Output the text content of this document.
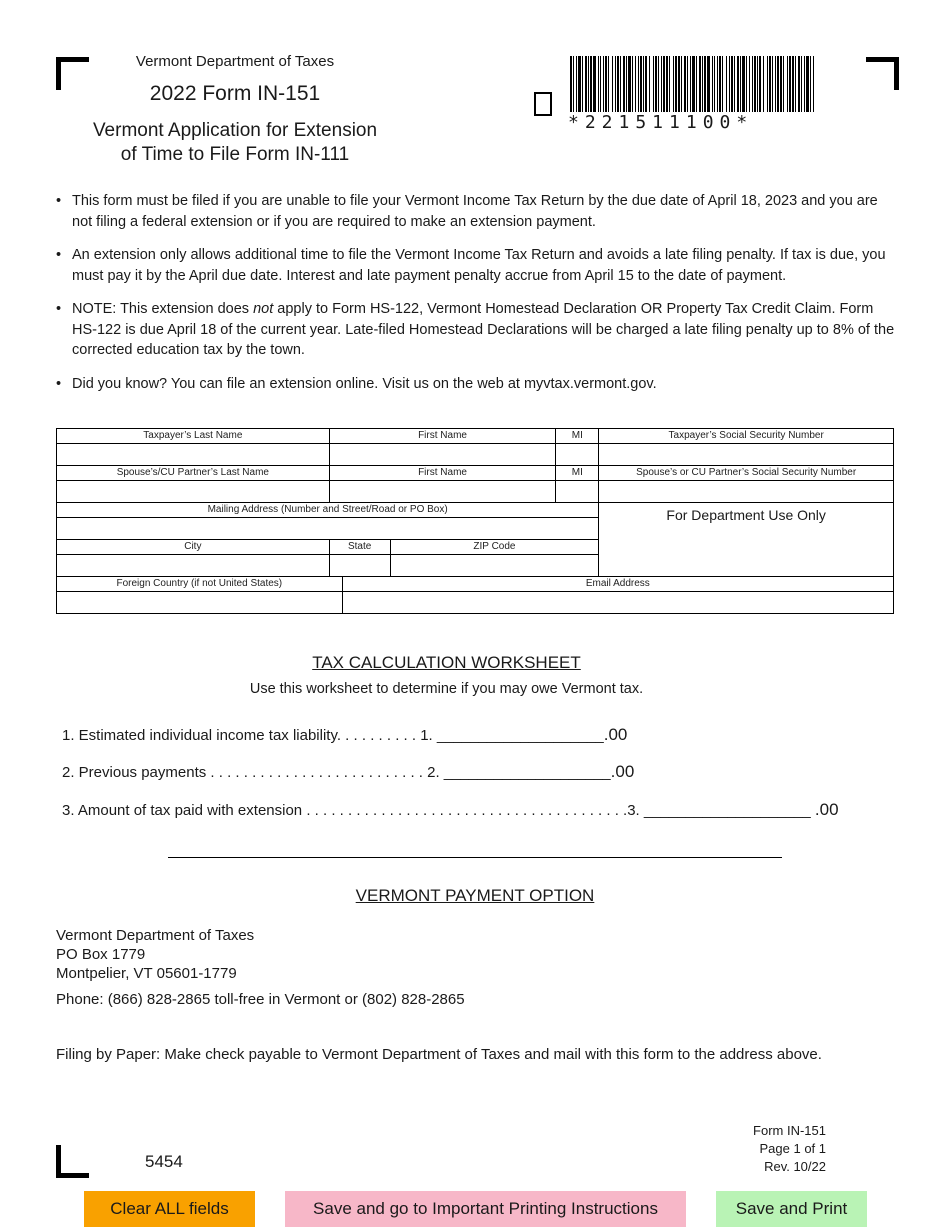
Vermont Department of Taxes
2022 Form IN-151
Vermont Application for Extension
of Time to File Form IN-111
*221511100*
• This form must be filed if you are unable to file your Vermont Income Tax Return by the due date of April 18, 2023 and you are not filing a federal extension or if you are required to make an extension payment.
• An extension only allows additional time to file the Vermont Income Tax Return and avoids a late filing penalty. If tax is due, you must pay it by the April due date. Interest and late payment penalty accrue from April 15 to the date of payment.
• NOTE: This extension does not apply to Form HS-122, Vermont Homestead Declaration OR Property Tax Credit Claim. Form HS-122 is due April 18 of the current year. Late-filed Homestead Declarations will be charged a late filing penalty up to 8% of the corrected education tax by the town.
• Did you know? You can file an extension online. Visit us on the web at myvtax.vermont.gov.
Taxpayer’s Last Name	First Name			MI	Taxpayer’s Social Security Number

Spouse’s/CU Partner’s Last Name	First Name			MI	Spouse’s or CU Partner’s Social Security Number

Mailing Address (Number and Street/Road or PO Box)					For Department Use Only

City	State		ZIP Code		

Foreign Country (if not United States)		Email Address			

TAX CALCULATION WORKSHEET
Use this worksheet to determine if you may owe Vermont tax.
1. Estimated individual income tax liability. . . . . . . . . . 1. ____________________.00
2. Previous payments . . . . . . . . . . . . . . . . . . . . . . . . . . 2. ____________________.00
3. Amount of tax paid with extension . . . . . . . . . . . . . . . . . . . . . . . . . . . . . . . . . . . . . . .3. ____________________ .00
VERMONT PAYMENT OPTION
Vermont Department of Taxes
PO Box 1779
Montpelier, VT 05601-1779
Phone: (866) 828-2865 toll-free in Vermont or (802) 828-2865
Filing by Paper: Make check payable to Vermont Department of Taxes and mail with this form to the address above.
Form IN-151
Page 1 of 1
Rev. 10/22
5454
Clear ALL fields	Save and go to Important Printing Instructions	Save and Print
